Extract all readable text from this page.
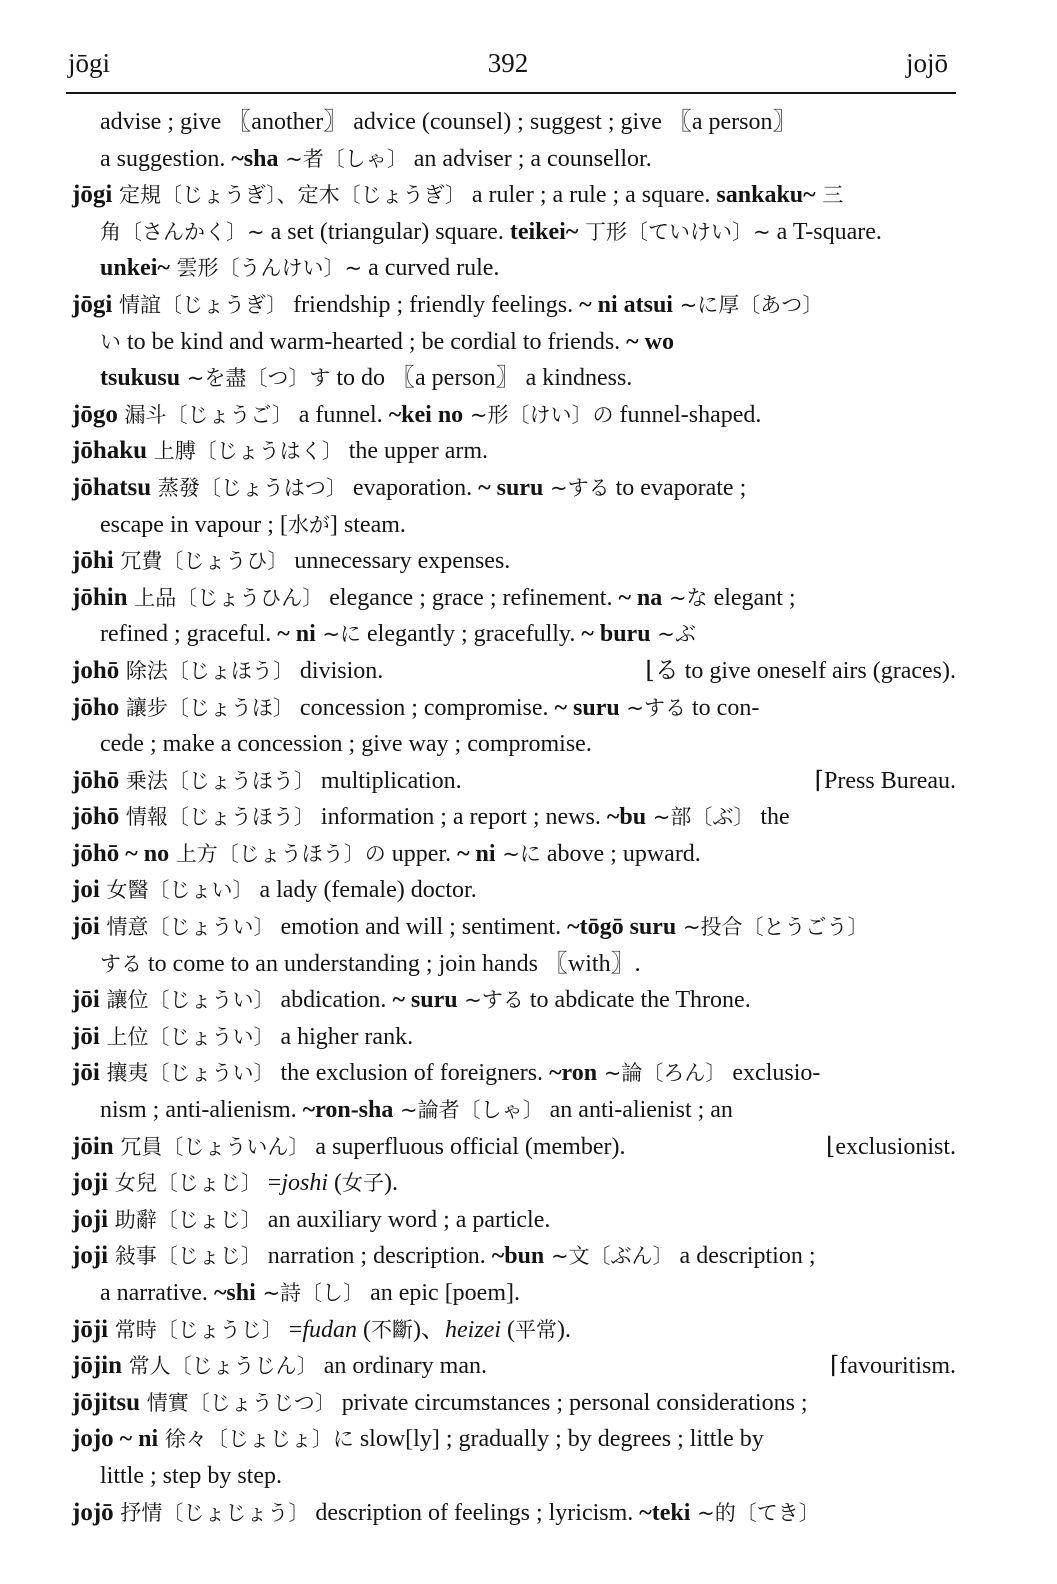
jōgi	392	jojō
advise ; give 〖another〗 advice (counsel) ; suggest ; give 〖a person〗
a suggestion. ~sha ~者〔しゃ〕 an adviser ; a counsellor.
jōgi 定規〔じょうぎ〕、定木〔じょうぎ〕 a ruler ; a rule ; a square. sankaku~ 三
角〔さんかく〕~ a set (triangular) square. teikei~ 丁形〔ていけい〕~ a T-square.
unkei~ 雲形〔うんけい〕~ a curved rule.
jōgi 情誼〔じょうぎ〕 friendship ; friendly feelings. ~ ni atsui ~に厚〔あつ〕
い to be kind and warm-hearted ; be cordial to friends. ~ wo
tsukusu ~を盡〔つ〕す to do 〖a person〗 a kindness.
jōgo 漏斗〔じょうご〕 a funnel. ~kei no ~形〔けい〕の funnel-shaped.
jōhaku 上膊〔じょうはく〕 the upper arm.
jōhatsu 蒸發〔じょうはつ〕 evaporation. ~ suru ~する to evaporate ;
escape in vapour ; [水が] steam.
jōhi 冗費〔じょうひ〕 unnecessary expenses.
jōhin 上品〔じょうひん〕 elegance ; grace ; refinement. ~ na ~な elegant ;
refined ; graceful. ~ ni ~に elegantly ; gracefully. ~ buru ~ぶ
⌊る to give oneself airs (graces).
johō 除法〔じょほう〕 division.
jōho 讓步〔じょうほ〕 concession ; compromise. ~ suru ~する to con-
cede ; make a concession ; give way ; compromise.
⌈Press Bureau.
jōhō 乗法〔じょうほう〕 multiplication.
jōhō 情報〔じょうほう〕 information ; a report ; news. ~bu ~部〔ぶ〕 the
jōhō ~ no 上方〔じょうほう〕の upper. ~ ni ~に above ; upward.
joi 女醫〔じょい〕 a lady (female) doctor.
jōi 情意〔じょうい〕 emotion and will ; sentiment. ~tōgō suru ~投合〔とうごう〕
する to come to an understanding ; join hands 〖with〗.
jōi 讓位〔じょうい〕 abdication. ~ suru ~する to abdicate the Throne.
jōi 上位〔じょうい〕 a higher rank.
jōi 攘夷〔じょうい〕 the exclusion of foreigners. ~ron ~論〔ろん〕 exclusio-
nism ; anti-alienism. ~ron-sha ~論者〔しゃ〕 an anti-alienist ; an
⌊exclusionist.
jōin 冗員〔じょういん〕 a superfluous official (member).
joji 女兒〔じょじ〕 =joshi (女子).
joji 助辭〔じょじ〕 an auxiliary word ; a particle.
joji 敍事〔じょじ〕 narration ; description. ~bun ~文〔ぶん〕 a description ;
a narrative. ~shi ~詩〔し〕 an epic [poem].
jōji 常時〔じょうじ〕 =fudan (不斷)、heizei (平常).
⌈favouritism.
jōjin 常人〔じょうじん〕 an ordinary man.
jōjitsu 情實〔じょうじつ〕 private circumstances ; personal considerations ;
jojo ~ ni 徐々〔じょじょ〕に slow[ly] ; gradually ; by degrees ; little by
little ; step by step.
jojō 抒情〔じょじょう〕 description of feelings ; lyricism. ~teki ~的〔てき〕
